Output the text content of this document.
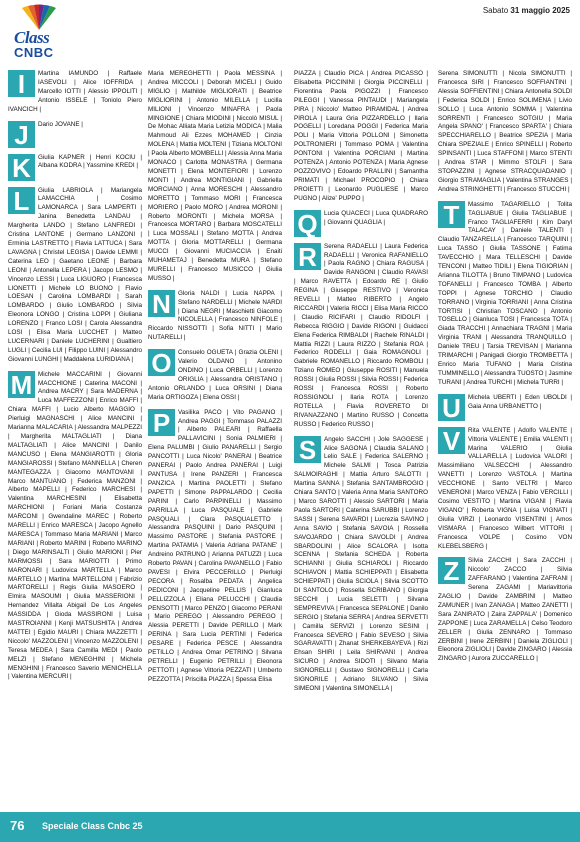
Class
CNBC
Sabato 31 maggio 2025
I	Martina IAMUNDO | Raffaele IASEVOLI | Alice IOFFRIDA | Marcello IOTTI | Alessio IPPOLITI | Antonio ISSELE | Toniolo Piero IVANCICH |
J	Dario JOVANE |
K	Giulia KAPNER | Henri KOCIU | Albana KODRA | Yassmine KREDI |
L	Giulia LABRIOLA | Mariangela LAMACCHIA | Cosimo LAMONARCA | Sara LAMPERTI | Janina Benedetta LANDAU | Margherita LANDO | Stefano LANFREDI | Cristina LANTONE | Germano LANZONI | Erminia LASTRETTO | Flavia LATTUCA | Sara LAVAGNA | Christel LEGISA | Davide LEMMI | Caterina LEO | Gaetano LEONE | Barbara LEONI | Antonella LEPERA | Jacopo LESMO | Vincenzo LESSI | Luca LIGUORO | Francesca LIONETTI | Michele LO BUONO | Flavio LOESAN | Carolina LOMBARDI | Sarah LOMBARDO | Giulio LOMBARDO | Silvia Eleonora LONGO | Cristina LOPPI | Giuliana LORENZO | Franco LOSI | Carola Alessandra LOSI | Elisa Maria LUCCHET | Matteo LUCERNARI | Daniele LUCHERINI | Gualtiero LUGLI | Cecilia LUI | Filippo LUINI | Alessandro Giovanni LUNGHI | Maddalena LURIDIANA |
M Michele MACCARINI | Giovanni MACCHIONE | Caterina MACONI | Andrea MACRY | Sara MADERNA | Luca MAFFEZZONI | Enrico MAFFI | Chiara MAFFI | Lucio Alberto MAGGIO | Pierluigi MAGNASCHI | Alice MANCINI | Marianna MALACARIA | Alessandra MALPEZZI | Margherita MALTAGLIATI | Diana MALTAGLIATI | Alice MANCINI | Danilo MANCUSO | Elena MANGIAROTTI | Gloria MANGIAROSSI | Stefano MANNELLA | Cheren MANTEGAZZA | Giacomo MANTOVANI | Marco MANTUANO | Federica MANZONI | Alberto MAPELLI | Federico MARCHESI | Valentina MARCHESINI | Elisabetta MARCHIONI | Foriani Maria Costanza MARCONI | Gwendaline MAREC | Roberto MARELLI | Enrico MARESCA | Jacopo Agnello MARESCA | Tommaso Maria MARIANI | Marco MARIANI | Roberto MARINI | Roberto MARINO | Diego MARINSALTI | Giulio MARIONI | Pier MARMOSSI | Sara MARIOTTI | Primo MARONARI | Ludovica MARTELLA | Marco MARTELLO | Martina MARTELLONI | Fabrizio MARTORELLI | Regis Giulia MASOERO | Elmira MASOUMI | Giulia MASSERIONI | Hernandez Villalta Abigail De Los Angeles MASSIDDA | Gioda MASSIRONI | Luisa MASTROIANNI | Kenji MATSUSHITA | Andrea MATTEI | Egidio MAURI | Chiara MAZZETTI | Niccolo' MAZZOLENI | Vincenzo MAZZOLENI | Teresa MEDEA | Sara Camilla MEDI | Paolo MELZI | Stefano MENEGHINI | Michela MENGHINI | Francesco Saverio MENICHELLA | Valentina MERCURI |
Maria MEREGHETTI | Paola MESSINA | Andrea MICCOLI | Deborah MICELI | Guido MIGLIO | Mathilde MIGLIORATI | Beatrice MIGLIORINI | Antonio MILELLA | Lucilla MILIONI | Vincenzo MINAFRA | Paola MINGIONE | Chiara MIODINI | Niccolò MISUL | De Mohac Alliata Maria Letizia MODICA | Malia Mahmoud Ali Ezzes MOHAMED | Cinzia MOLENA | Mattia MOLTENI | Tiziana MOLTONI | Paola Alberto MOMBELLI | Alessia Anna Maria MONACO | Carlotta MONASTRA | Germana MONETTI | Elena MONTEFIORI | Lorenzo MONTI | Andrea MONTIGIANI | Gabriella MORCIANO | Anna MORESCHI | Alessandro MORETTO | Tommaso MORI | Francesca MORIERO | Paolo MORO | Andrea MORONI | Roberto MORONTI | Michela MORSA | Francesca MORTARO | Barbara MOSCATELLI | Luca MOSSALI | Stefano MOTTA | Andrea MOTTA | Gloria MOTTARELLI | Germana MUCCI | Giovanni MUCIACCIA | Enaiti MUHAMETAJ | Benedetta MURA | Stefano MURELLI | Francesco MUSICCO | Giulia MUSSO |
N	Gloria NALDI | Lucia NAPPA | Stefano NARDELLI | Michele NARDI | Diana NEGRI | Maschietti Giacomo NICOLELLA | Francesco NINFOLE | Riccardo NISSOTTI | Sofia NITTI | Mario NUTARELLI |
O	Consuelo OGUETA | Grazia OLENI | Valerio OLDANO | Antonino ONDINO | Luca ORBELLI | Lorenzo ORIGLIA | Alessandra ORISTANO | Antonio ORLANDO | Luca ORSINI | Diana Maria ORTIGOZA | Elena OSSI |
P	Vasilika PACO | Vito PAGANO | Andrea PAGGI | Tommaso PALAZZI | Alberto PALEARI | Raffaella PALLAVICINI | Sonia PALMIERI | Elena PALUMBI | Giulio PANARELLI | Sergio PANCOTTI | Luca Nicolo' PANERAI | Beatrice PANERAI | Paolo Andrea PANERAI | Luigi PANTUSA | Irene PANZERI | Francesca PANZICA | Martina PAOLETTI | Stefano PAPETTI | Simone PAPPALARDO | Cecilia PARINI | Carlo PARPINELLI | Massimo PARRILLA | Luca PASQUALE | Gabriele PASQUALI | Clara PASQUALETTO | Alessandra PASQUINI | Dario PASQUINI | Massimo PASTORE | Stefania PASTORE | Martina PATAMIA | Valeria Adriana PATANE' | Andreino PATRUNO | Arianna PATUZZI | Luca Roberto PAVAN | Carolina PAVANELLO | Fabio PAVESI | Elvira PECCERILLO | Pierluigi PECORA | Rosalba PEDATA | Angelica PEDICONI | Jacqueline PELLIS | Gianluca PELLIZZOLA | Eliana PELUCCHI | Claudia PENSOTTI | Marco PENZO | Giacomo PERANI | Mario PEREGO | Alessandro PEREGO | Alessia PERETTI | Davide PERILLO | Mark PERINA | Sara Lucia PERTINI | Federica PESARE | Federica PESCE | Alessandra PETILLO | Andrea Omar PETRINO | Silvana PETRELLI | Eugenio PETRILLI | Eleonora PETTOTI | Agnese Vittoria PEZZATI | Umberto PEZZOTTA | Priscilla PIAZZA | Spessa Elisa
PIAZZA | Claudio PICA | Andrea PICASSO | Elisabetta PICCININI | Giorgia PICCINELLI | Fiorentina Paola PIGOZZI | Francesco PILEGGI | Vanessa PINTAUDI | Mariangela PIRA | Niccolo' Matteo PIRAMIDAL | Andrea PIROLA | Laura Gria PIZZARDELLO | Ilaria POGELLI | Loredana POGGI | Federica Maria POLI | Maria Vittoria POLLONI | Simonetta POLTRONIERI | Tommaso POMA | Valentina PONTONI | Valentina PORCIANI | Martina POTENZA | Antonio POTENZA | Maria Agnese POZZOVIVO | Edoardo PRALLINI | Samantha PRIMATI | Michael PROCOPIO | Chiara PROIETTI | Leonardo PUGLIESE | Marco PUGNO | Alize' PUPPO |
Q	Lucia QUACECI | Luca QUADRARO | Giovanni QUAGLIA |
R	Serena RADAELLI | Laura Federica RADAELLI | Veronica RAFANIELLO | Paola RAGNO | Chiara RAGUSA | Davide RANGONI | Claudio RAVASI | Marco RAVETTA | Edoardo RE | Giulio REGINA | Giuseppe RESTIVO | Veronica REVELLI | Matteo RIBERTO | Angelo RICCARDI | Valeria RICCI | Elisa Maria RICCO | Claudio RICIFARI | Claudio RIDOLFI | Rebecca RIGGIO | Davide RIGONI | Guidacci Elena Federica RIMBALDI | Rachele RINALDI | Mattia RIZZI | Laura RIZZO | Stefania ROA | Federico RODELLI | Gaia ROMAGNOLI | Gabriele ROMANELLO | Riccardo ROMBOLI | Tiziano ROMEO | Giuseppe ROSITI | Manuela ROSSI | Giulia ROSSI | Silvia ROSSI | Federica ROSSI | Francesca ROSSI | Roberto ROSSIGNOLI | Ilaria ROTA | Lorenzo ROTELLA | Flavia ROVERETO DI RIVANAZZANO | Martino RUSSO | Concetta RUSSO | Federico RUSSO |
S	Angelo SACCHI | Jole SAGGESE | Alice SAGONA | Claudia SALANO | Lelio SALE | Federica SALERNO | Michele SALMI | Tosca Patrizia SALMOIRAGHI | Mattia Arturo SALOTTI | Martina SANNA | Stefania SANTAMBROGIO | Chiara SANTO | Valeria Anna Maria SANTORO | Marco SAROTTI | Alessio SARTORI | Maria Paola SARTORI | Caterina SARUBBI | Lorenzo SASSI | Serena SAVARDI | Lucrezia SAVINO | Anna SAVIO | Stefania SAVOIA | Rossella SAVOJARDO | Chiara SAVOLDI | Andrea SBARDOLINI | Alice SCALORA | Isotta SCENNA | Stefania SCHEDA | Roberta SCHIANNI | Giulia SCHIAROLI | Riccardo SCHIAVON | Mattia SCHIEPPATI | Elisabetta SCHIEPPATI | Giulia SCIOLA | Silvia SCOTTO DI SANTOLO | Rossella SCRIBANO | Giorgia SECCHI | Lucia SELETTI | Silvana SEMPREVIVA | Francesca SEPALONE | Danilo SERGIO | Stefania SERRA | Andrea SERVETTI | Camilla SERVIZI | Lorenzo SESINI | Francesca SEVERO | Fabio SEVESO | Silvia SGARAVATTI | Zhanat SHERKEBAYEVA | Rizi Ehsan SHIRI | Leila SHIRVANI | Andrea SICURO | Andrea SIDOTI | Silvano Maria SIGNORELLI | Gustavo SIGNORELLI | Carla SIGNORILE | Adriano SILVANO | Silvia SIMEONI | Valentina SIMONELLA |
Serena SIMONUTTI | Nicola SIMONUTTI | Francesca SIRI | Francesco SOFFIANTINI | Alessia SOFFIENTINI | Chiara Antonella SOLDI | Federica SOLDI | Enrico SOLIMENA | Livio SOLLO | Luca Antonio SOMMA | Valentina SORRENTI | Francesco SOTGIU | Maria Angela SPANO' | Francesco SPARTA' | Chiara SPECCHIARELLO | Beatrice SPEZIA | Maria Chiara SPEZIALE | Enrico SPINELLI | Roberto SPINSANTI | Luca STAFFONI | Marco STENTI | Andrea STAR | Mimmo STOLFI | Sara STOPAZZINI | Agnese STRACQUADANIO | Giorgio STRAMAGLIA | Valentina STRANGES | Andrea STRINGHETTI | Francesco STUCCHI |
T	Massimo TAGARIELLO | Tolita TAGLIABUE | Giulia TAGLIABUE | Franco TAGLIAFERRI | Kim Daryl TALACAY | Daniele TALENTI | Claudio TANZARELLA | Francesco TARQUINI | Luca TASSO | Giulia TASSONE | Fatima TAVECCHIO | Mara TELLESCHI | Davide TENCONI | Matteo TIDILI | Elena TIGIORIAN | Arianna TILOTTA | Bruno TIMPANO | Ludovica TOFANELLI | Francesco TOMBA | Alberto TOPPI | Agnese TORCHIO | Claudio TORRANO | Virginia TORRIANI | Anna Cristina TORTISI | Christian TOSCANO | Antonio TOSELLO | Gianluca TOSI | Francesca TOTA | Giada TRACCHI | Annachiara TRAGNI | Maria Virginia TRANI | Alessandra TRANQUILLO | Daniele TREU | Tarsia TREVISAN | Marianna TRIMARCHI | Panigadi Giorgio TROMBETTA | Enrico Maria TUFANO | Maria Cristina TUMMINELLO | Alessandra TUOSTO | Jasmine TURANI | Andrea TURCHI | Michela TURRI |
U	Michela UBERTI | Eden UBOLDI | Gaia Anna URBANETTO |
V	Rita VALENTE | Adolfo VALENTE | Vittoria VALENTE | Emilia VALENTI | Marina VALERIO | Giulia VALLARELLA | Ludovica VALORI | Massimiliano VALSECCHI | Alessandro VANETTI | Lorenzo VASTOLA | Martina VECCHIONE | Santo VELTRI | Marco VENERONI | Marco VENZA | Fabio VERCILLI | Cosimo VESTITO | Martina VIGANI | Flavia VIGANO' | Roberta VIGNA | Luisa VIGNATI | Giulia VIRZI | Leonardo VISENTINI | Amos VISMARA | Francesco Wilbert VITTORI | Francesca VOLPE | Cosimo VON KLEBELSBERG |
Z	Silvia ZACCHI | Sara ZACCHI | Niccolo' ZACCO | Silvia ZAFFARANO | Valentina ZAFRANI | Serena ZAGAMI | Mariavittoria ZAGLIO | Davide ZAMBRINI | Matteo ZAMUNER | Ivan ZANAGA | Matteo ZANETTI | Sara ZANIRATO | Zaira ZAPPALA' | Domenico ZAPPONE | Luca ZARAMELLA | Celso Teodoro ZELLER | Giulia ZENNARO | Tommaso ZERBINI | Irene ZERBINI | Daniela ZIGLIOLI | Eleonora ZIGLIOLI | Davide ZINGARO | Alessia ZINGARO | Aurora ZUCCARELLO |
76 Speciale Class Cnbc 25
